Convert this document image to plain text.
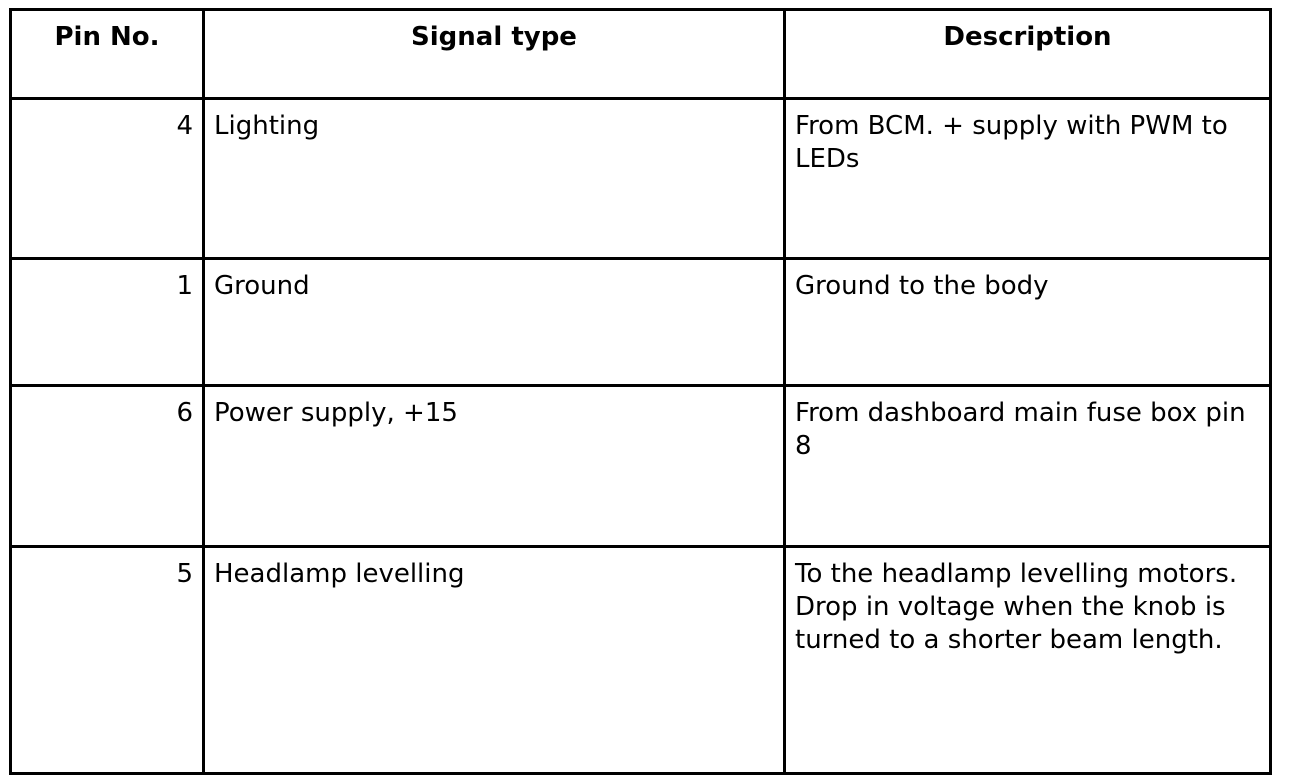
Pin No.	Signal type	Description

4	Lighting	From BCM. + supply with PWM to LEDs

1	Ground	Ground to the body

6	Power supply, +15	From dashboard main fuse box pin 8

5	Headlamp levelling	To the headlamp levelling motors. Drop in voltage when the knob is turned to a shorter beam length.
